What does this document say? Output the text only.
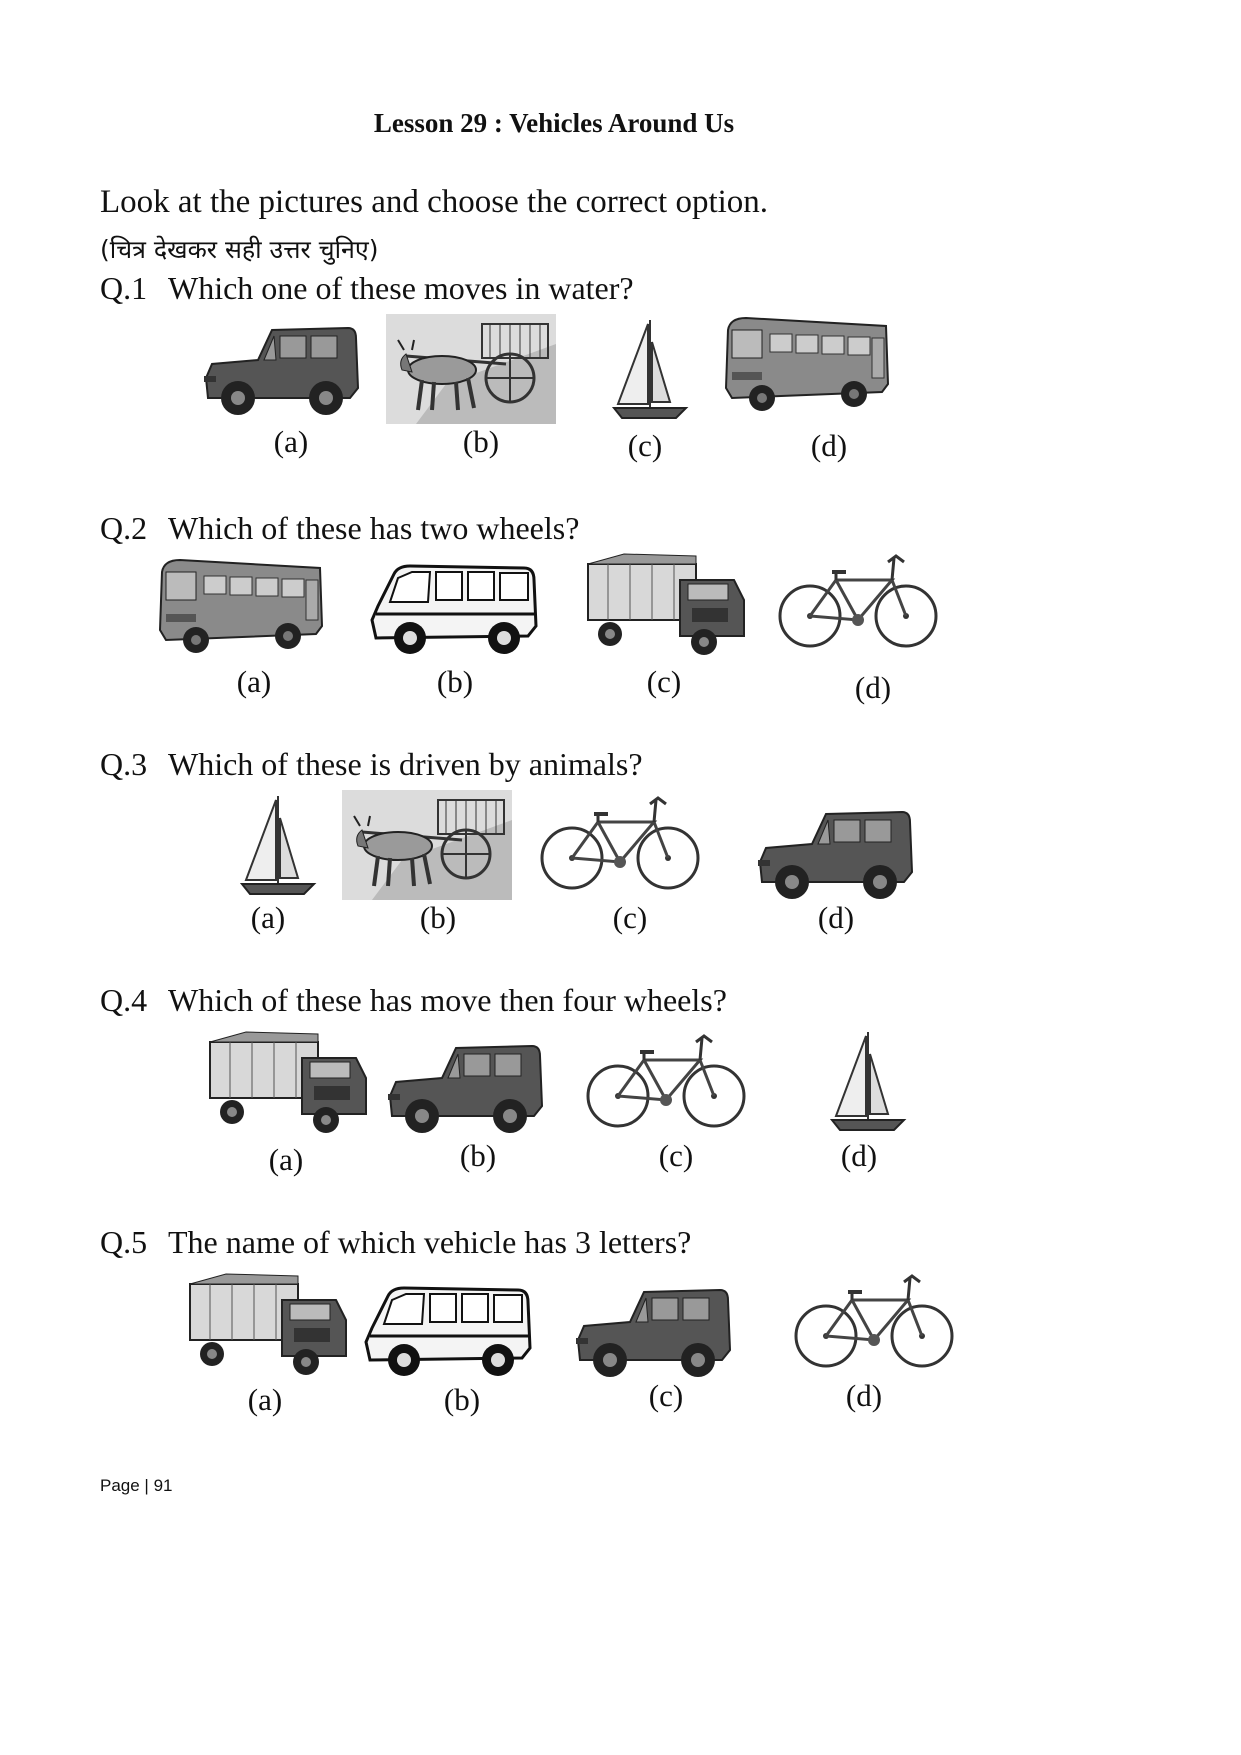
Lesson 29 : Vehicles Around Us
Look at the pictures and choose the correct option.
(चित्र देखकर सही उत्तर चुनिए)
Q.1 Which one of these moves in water?
(a)	(b)	(c)	(d)
Q.2 Which of these has two wheels?
(a)	(b)	(c)	(d)
Q.3 Which of these is driven by animals?
(a)	(b)	(c)	(d)
Q.4 Which of these has move then four wheels?
(a)	(b)	(c)	(d)
Q.5 The name of which vehicle has 3 letters?
(a)	(b)	(c)	(d)
Page | 91
